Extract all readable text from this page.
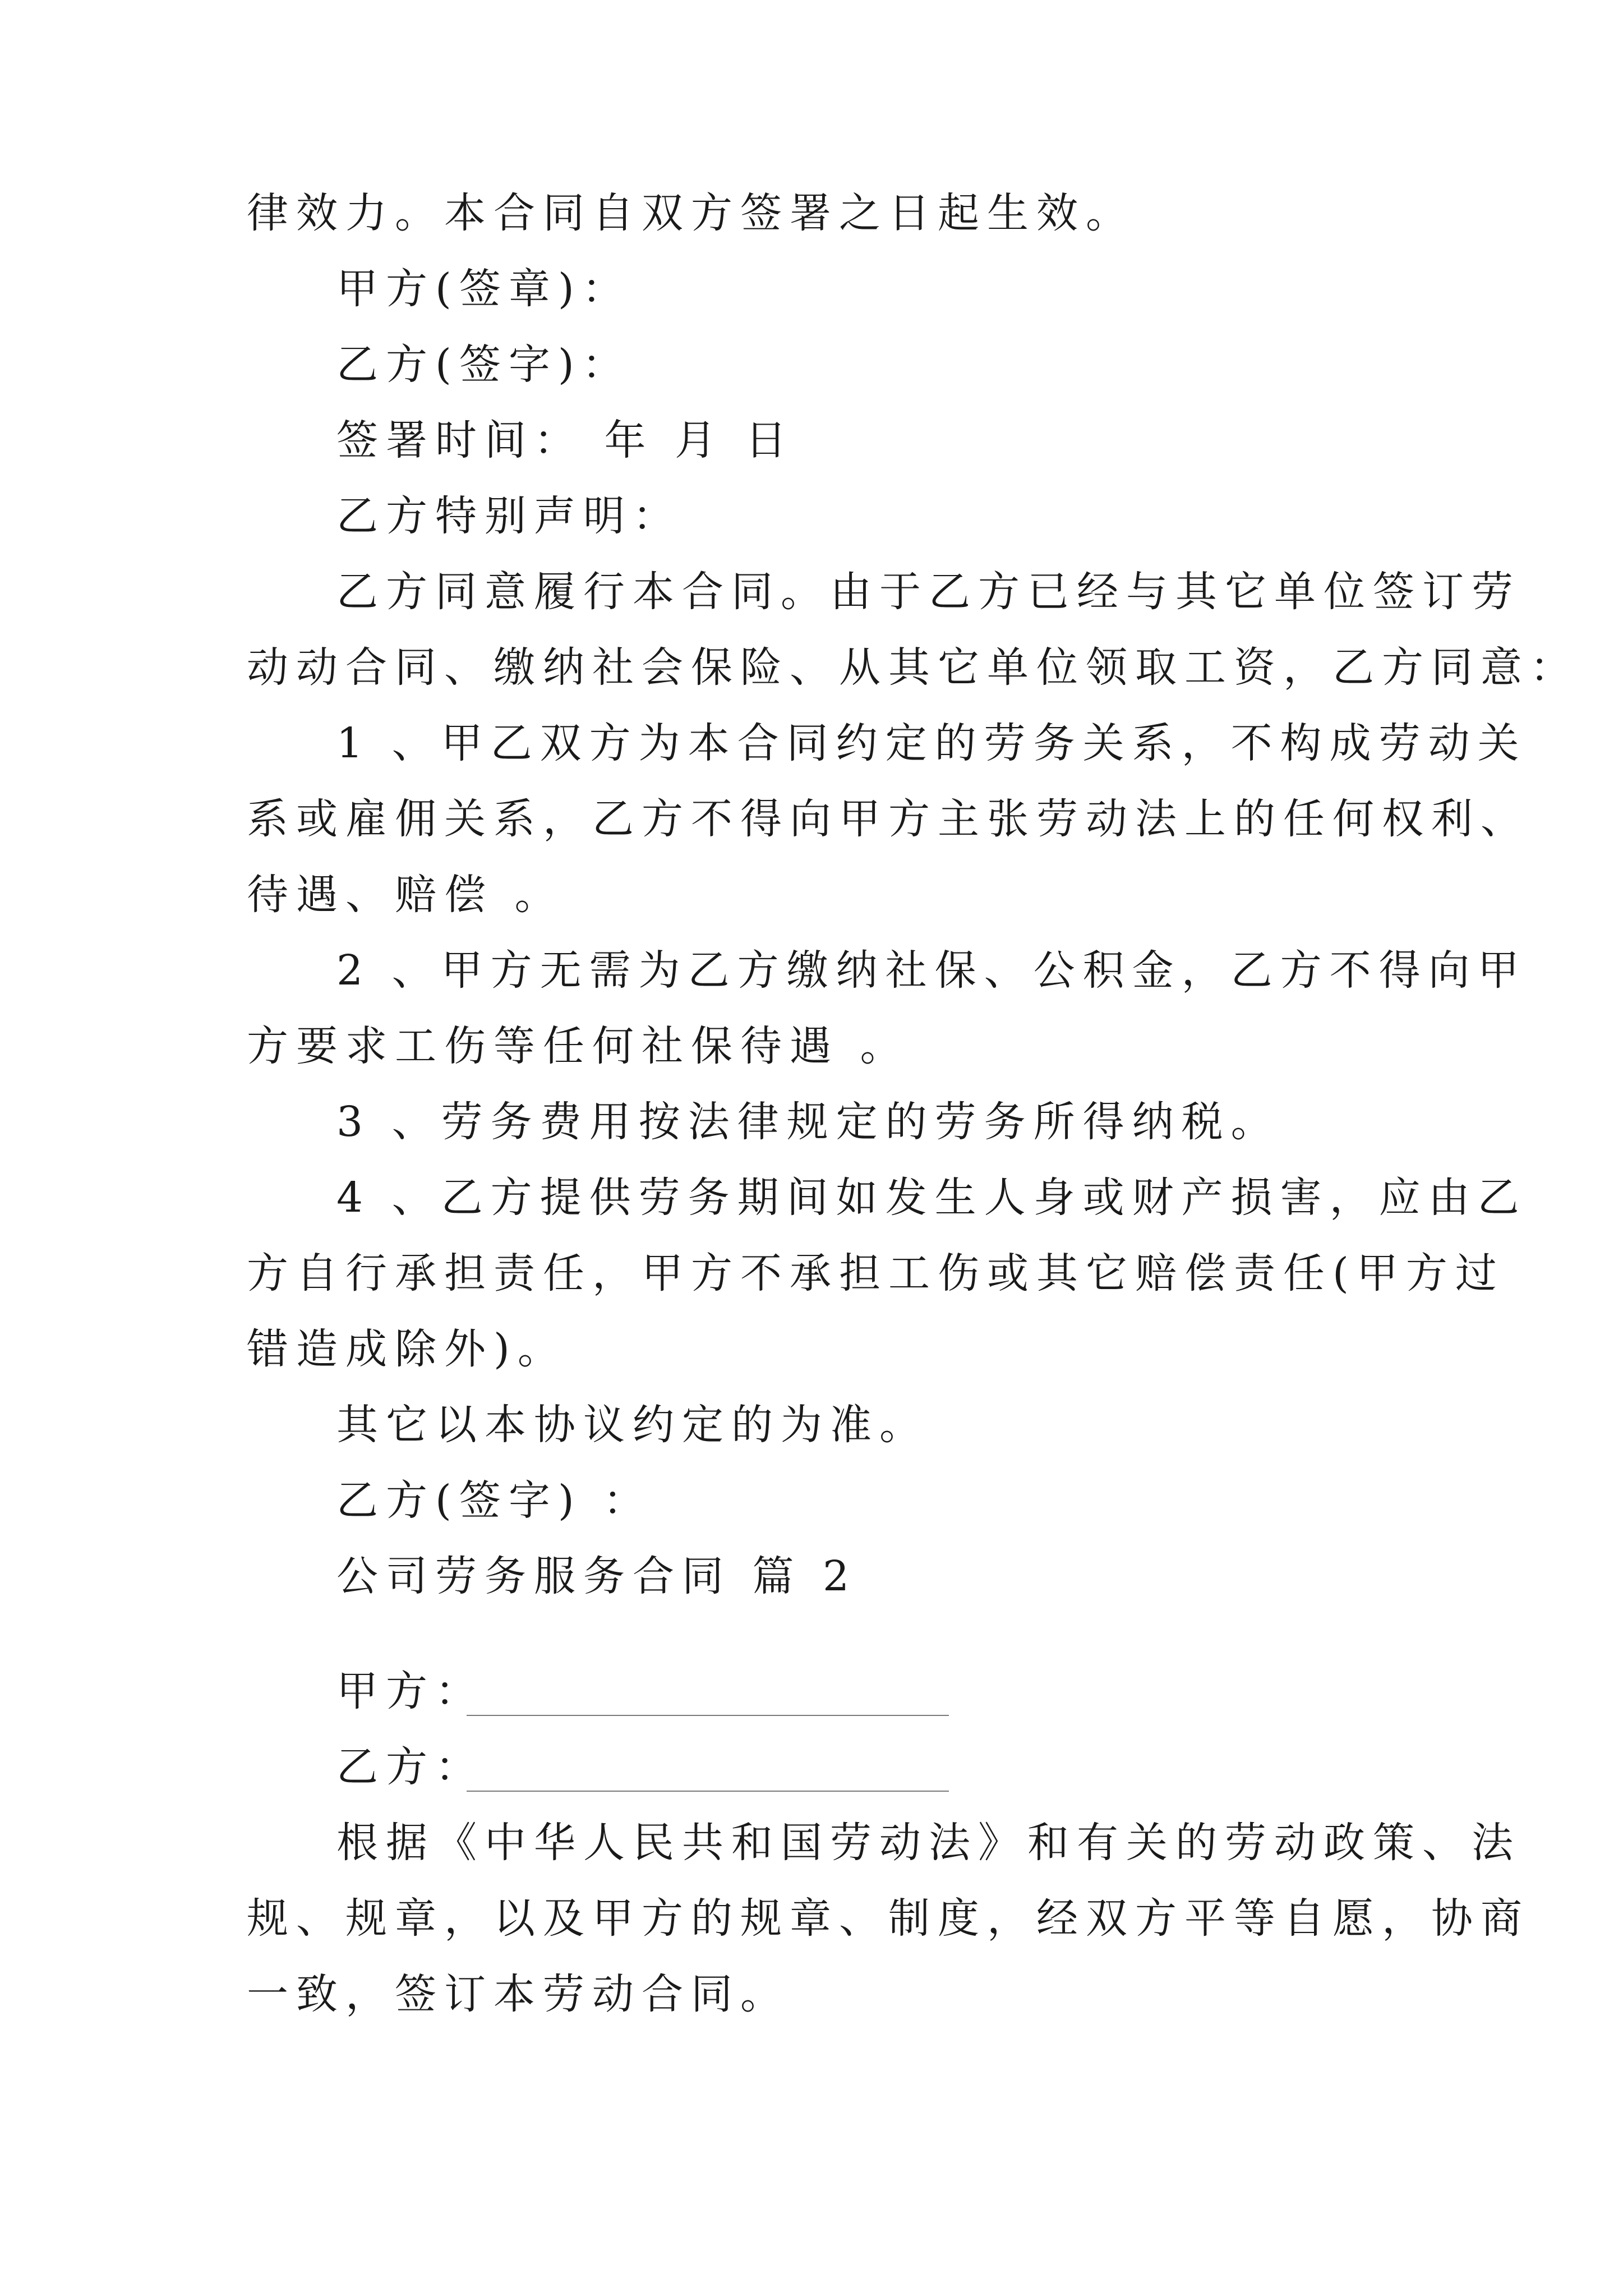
律效力。本合同自双方签署之日起生效。
甲方(签章)：
乙方(签字)：
签署时间： 年 月 日
乙方特别声明：
乙方同意履行本合同。由于乙方已经与其它单位签订劳
动动合同、缴纳社会保险、从其它单位领取工资，乙方同意：
1 、甲乙双方为本合同约定的劳务关系，不构成劳动关
系或雇佣关系，乙方不得向甲方主张劳动法上的任何权利、
待遇、赔偿 。
2 、甲方无需为乙方缴纳社保、公积金，乙方不得向甲
方要求工伤等任何社保待遇 。
3 、劳务费用按法律规定的劳务所得纳税。
4 、乙方提供劳务期间如发生人身或财产损害，应由乙
方自行承担责任，甲方不承担工伤或其它赔偿责任(甲方过
错造成除外)。
其它以本协议约定的为准。
乙方(签字) ：
公司劳务服务合同 篇 2
甲方：
乙方：
根据《中华人民共和国劳动法》和有关的劳动政策、法
规、规章，以及甲方的规章、制度，经双方平等自愿，协商
一致，签订本劳动合同。
